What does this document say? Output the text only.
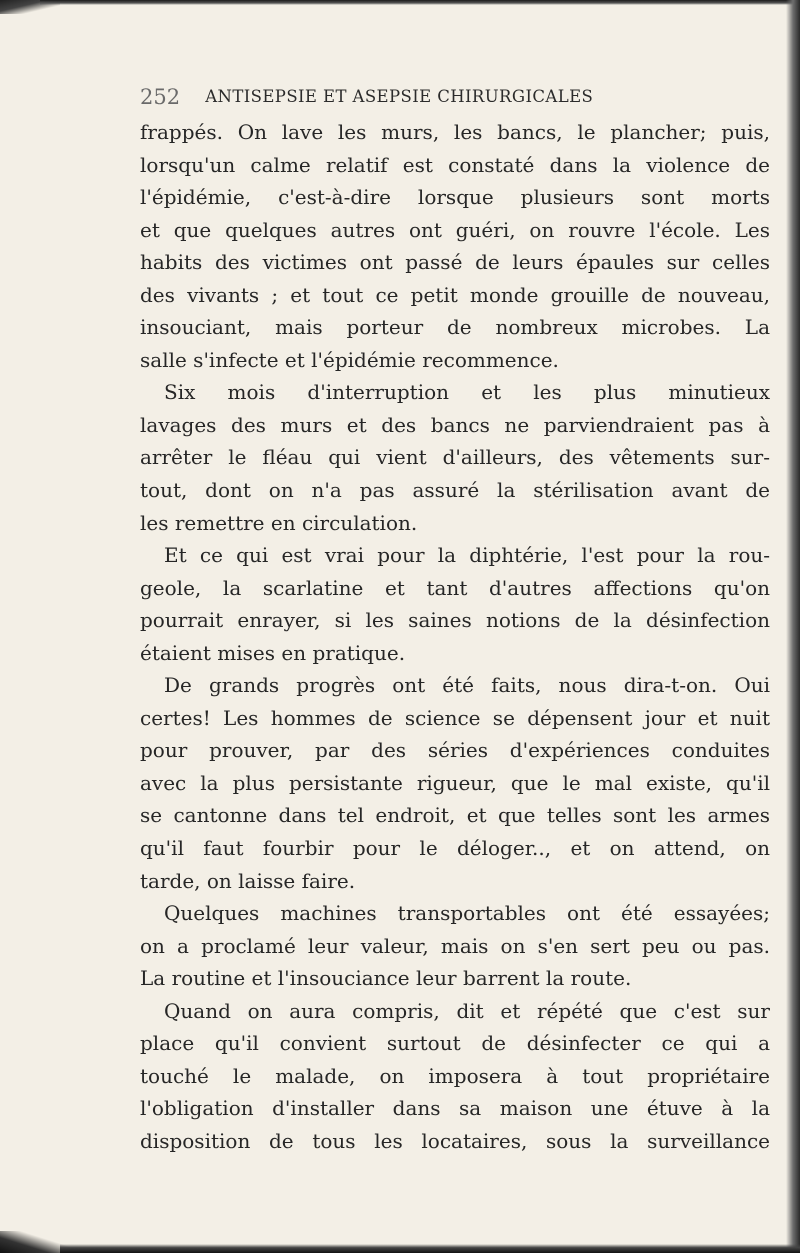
252 ANTISEPSIE ET ASEPSIE CHIRURGICALES
frappés. On lave les murs, les bancs, le plancher; puis,
lorsqu'un calme relatif est constaté dans la violence de
l'épidémie, c'est-à-dire lorsque plusieurs sont morts
et que quelques autres ont guéri, on rouvre l'école. Les
habits des victimes ont passé de leurs épaules sur celles
des vivants ; et tout ce petit monde grouille de nouveau,
insouciant, mais porteur de nombreux microbes. La
salle s'infecte et l'épidémie recommence.
Six mois d'interruption et les plus minutieux
lavages des murs et des bancs ne parviendraient pas à
arrêter le fléau qui vient d'ailleurs, des vêtements sur-
tout, dont on n'a pas assuré la stérilisation avant de
les remettre en circulation.
Et ce qui est vrai pour la diphtérie, l'est pour la rou-
geole, la scarlatine et tant d'autres affections qu'on
pourrait enrayer, si les saines notions de la désinfection
étaient mises en pratique.
De grands progrès ont été faits, nous dira-t-on. Oui
certes! Les hommes de science se dépensent jour et nuit
pour prouver, par des séries d'expériences conduites
avec la plus persistante rigueur, que le mal existe, qu'il
se cantonne dans tel endroit, et que telles sont les armes
qu'il faut fourbir pour le déloger.., et on attend, on
tarde, on laisse faire.
Quelques machines transportables ont été essayées;
on a proclamé leur valeur, mais on s'en sert peu ou pas.
La routine et l'insouciance leur barrent la route.
Quand on aura compris, dit et répété que c'est sur
place qu'il convient surtout de désinfecter ce qui a
touché le malade, on imposera à tout propriétaire
l'obligation d'installer dans sa maison une étuve à la
disposition de tous les locataires, sous la surveillance
